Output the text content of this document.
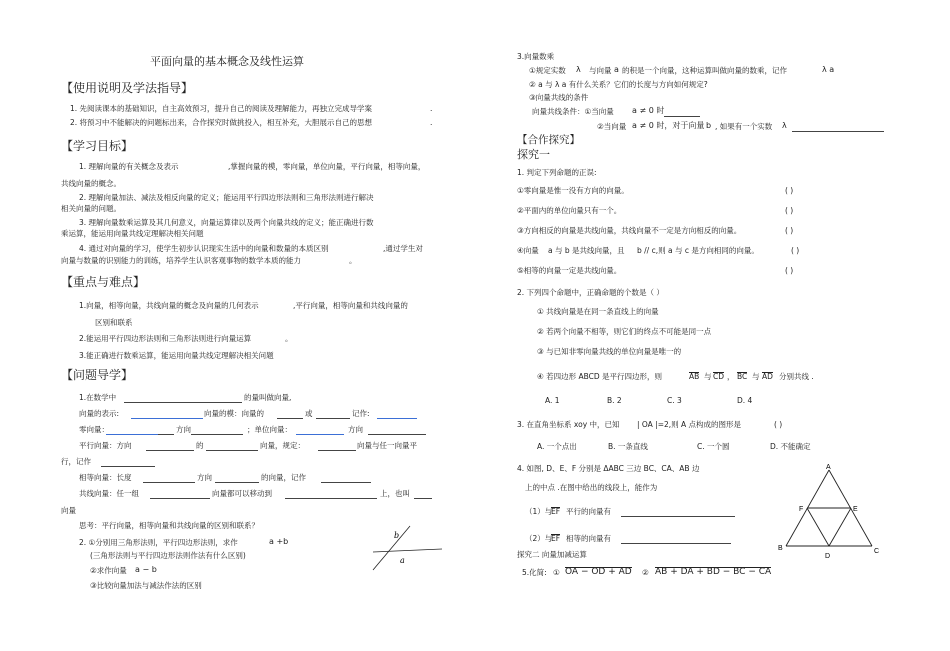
平面向量的基本概念及线性运算
【使用说明及学法指导】
1. 先阅读课本的基础知识，自主高效预习，提升自己的阅读及理解能力，再独立完成导学案
2. 将预习中不能解决的问题标出来，合作探究时做挑投入，相互补充，大胆展示自己的思想
.
.
【学习目标】
1. 理解向量的有关概念及表示	,掌握向量的模，零向量，单位向量，平行向量，相等向量，
共线向量的概念。
2. 理解向量加法、减法及相反向量的定义；能运用平行四边形法则和三角形法则进行解决
相关向量的问题。
3. 理解向量数乘运算及其几何意义，向量运算律以及两个向量共线的定义；能正确进行数
乘运算，能运用向量共线定理解决相关问题
4. 通过对向量的学习，使学生初步认识现实生活中的向量和数量的本质区别	,通过学生对
向量与数量的识别能力的训练，培养学生认识客观事物的数学本质的能力	。
【重点与难点】
1.向量，相等向量，共线向量的概念及向量的几何表示	,平行向量，相等向量和共线向量的
区别和联系
2.能运用平行四边形法则和三角形法则进行向量运算	。
3.能正确进行数乘运算，能运用向量共线定理解决相关问题
【问题导学】
1.在数学中	的量叫做向量,
向量的表示:	向量的模：向量的	或	记作:
零向量：	方向	；单位向量：	方向
平行向量：方向	的	向量，规定：	向量与任一向量平
行，记作
相等向量：长度	方向	的向量，记作
共线向量：任一组	向量都可以移动到	上，也叫
向量
思考：平行向量，相等向量和共线向量的区别和联系？
2. ①分别用三角形法则，平行四边形法则，求作	a +b
(三角形法则与平行四边形法则作法有什么区别)
②求作向量 a − b
③比较向量加法与减法作法的区别
b
a
3.向量数乘
①规定实数 λ 与向量 a 的积是一个向量，这种运算叫做向量的数乘，记作	λ a
② a 与 λ a 有什么关系？它们的长度与方向如何规定?
③向量共线的条件
向量共线条件：①当向量 a ≠ 0 时
②当向量 a ≠ 0 时，对于向量 b , 如果有一个实数 λ
【合作探究】
探究一
1. 判定下列命题的正误:
①零向量是惟一没有方向的向量。	( )
②平面内的单位向量只有一个。	( )
③方向相反的向量是共线向量，共线向量不一定是方向相反的向量。	( )
④向量 a 与 b 是共线向量，且 b // c,则 a 与 c 是方向相同的向量。	( )
⑤相等的向量一定是共线向量。	( )
2. 下列四个命题中，正确命题的个数是（ ）
① 共线向量是在同一条直线上的向量
② 若两个向量不相等，则它们的终点不可能是同一点
③ 与已知非零向量共线的单位向量是唯一的
④ 若四边形 ABCD 是平行四边形，则	AB 与 CD ， BC 与 AD 分别共线 .
A. 1	B. 2	C. 3	D. 4
3. 在直角坐标系 xoy 中，已知 | OA |=2,则 A 点构成的图形是	( )
A. 一个点出	B. 一条直线	C. 一个圆	D. 不能确定
4. 如图, D、E、F 分别是 ΔABC 三边 BC、CA、AB 边
上的中点 .在图中给出的线段上，能作为
（1）与
EF 平行的向量有
（2）与
EF 相等的向量有
探究二 向量加减运算
5.化简: ① OA − OD + AD ② AB + DA + BD − BC − CA
A
B	C
D
E
F
